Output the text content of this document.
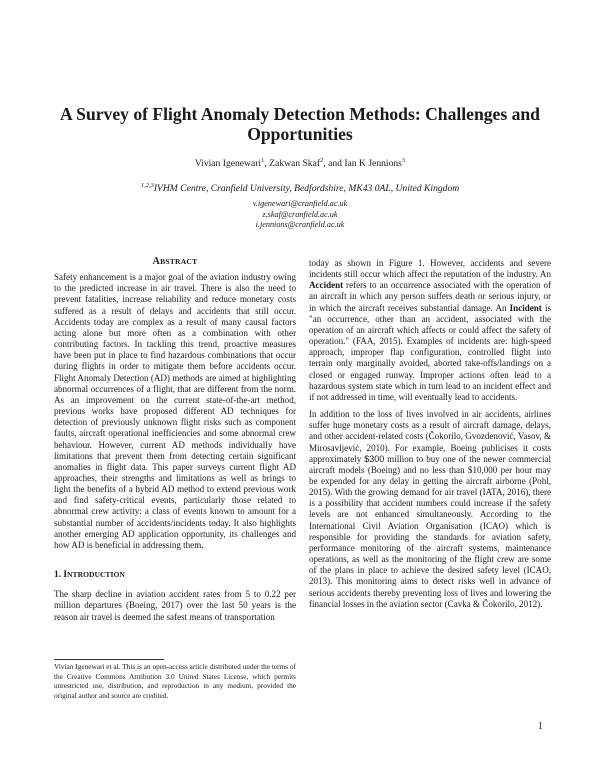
A Survey of Flight Anomaly Detection Methods: Challenges and Opportunities
Vivian Igenewari$^1$, Zakwan Skaf$^2$, and Ian K Jennions$^3$
$^{1,2,3}$IVHM Centre, Cranfield University, Bedfordshire, MK43 0AL, United Kingdom
v.igenewari@cranfield.ac.uk
z.skaf@cranfield.ac.uk
i.jennions@cranfield.ac.uk
ABSTRACT

Safety enhancement is a major goal of the aviation industry owing to the predicted increase in air travel. There is also the need to prevent fatalities, increase reliability and reduce monetary costs suffered as a result of delays and accidents that still occur. Accidents today are complex as a result of many causal factors acting alone but more often as a combination with other contributing factors. In tackling this trend, proactive measures have been put in place to find hazardous combinations that occur during flights in order to mitigate them before accidents occur. Flight Anomaly Detection (AD) methods are aimed at highlighting abnormal occurrences of a flight, that are different from the norm. As an improvement on the current state-of-the-art method, previous works have proposed different AD techniques for detection of previously unknown flight risks such as component faults, aircraft operational inefficiencies and some abnormal crew behaviour. However, current AD methods individually have limitations that prevent them from detecting certain significant anomalies in flight data. This paper surveys current flight AD approaches, their strengths and limitations as well as brings to light the benefits of a hybrid AD method to extend previous work and find safety-critical events, particularly those related to abnormal crew activity: a class of events known to amount for a substantial number of accidents/incidents today. It also highlights another emerging AD application opportunity, its challenges and how AD is beneficial in addressing them.

1. INTRODUCTION

The sharp decline in aviation accident rates from 5 to 0.22 per million departures (Boeing, 2017) over the last 50 years is the reason air travel is deemed the safest means of transportation

Vivian Igenewari et al. This is an open-access article distributed under the terms of the Creative Commons Attribution 3.0 United States License, which permits unrestricted use, distribution, and reproduction in any medium, provided the original author and source are credited.

today as shown in Figure 1. However, accidents and severe incidents still occur which affect the reputation of the industry. An Accident refers to an occurrence associated with the operation of an aircraft in which any person suffers death or serious injury, or in which the aircraft receives substantial damage. An Incident is "an occurrence, other than an accident, associated with the operation of an aircraft which affects or could affect the safety of operation." (FAA, 2015). Examples of incidents are: high-speed approach, improper flap configuration, controlled flight into terrain only marginally avoided, aborted take-offs/landings on a closed or engaged runway. Improper actions often lead to a hazardous system state which in turn lead to an incident effect and if not addressed in time, will eventually lead to accidents.

In addition to the loss of lives involved in air accidents, airlines suffer huge monetary costs as a result of aircraft damage, delays, and other accident-related costs (Čokorilo, Gvozdenović, Vasov, & Mirosavljević, 2010). For example, Boeing publicises it costs approximately $300 million to buy one of the newer commercial aircraft models (Boeing) and no less than $10,000 per hour may be expended for any delay in getting the aircraft airborne (Pohl, 2015). With the growing demand for air travel (IATA, 2016), there is a possibility that accident numbers could increase if the safety levels are not enhanced simultaneously. According to the International Civil Aviation Organisation (ICAO) which is responsible for providing the standards for aviation safety, performance monitoring of the aircraft systems, maintenance operations, as well as the monitoring of the flight crew are some of the plans in place to achieve the desired safety level (ICAO, 2013). This monitoring aims to detect risks well in advance of serious accidents thereby preventing loss of lives and lowering the financial losses in the aviation sector (Cavka & Čokorilo, 2012).

1
